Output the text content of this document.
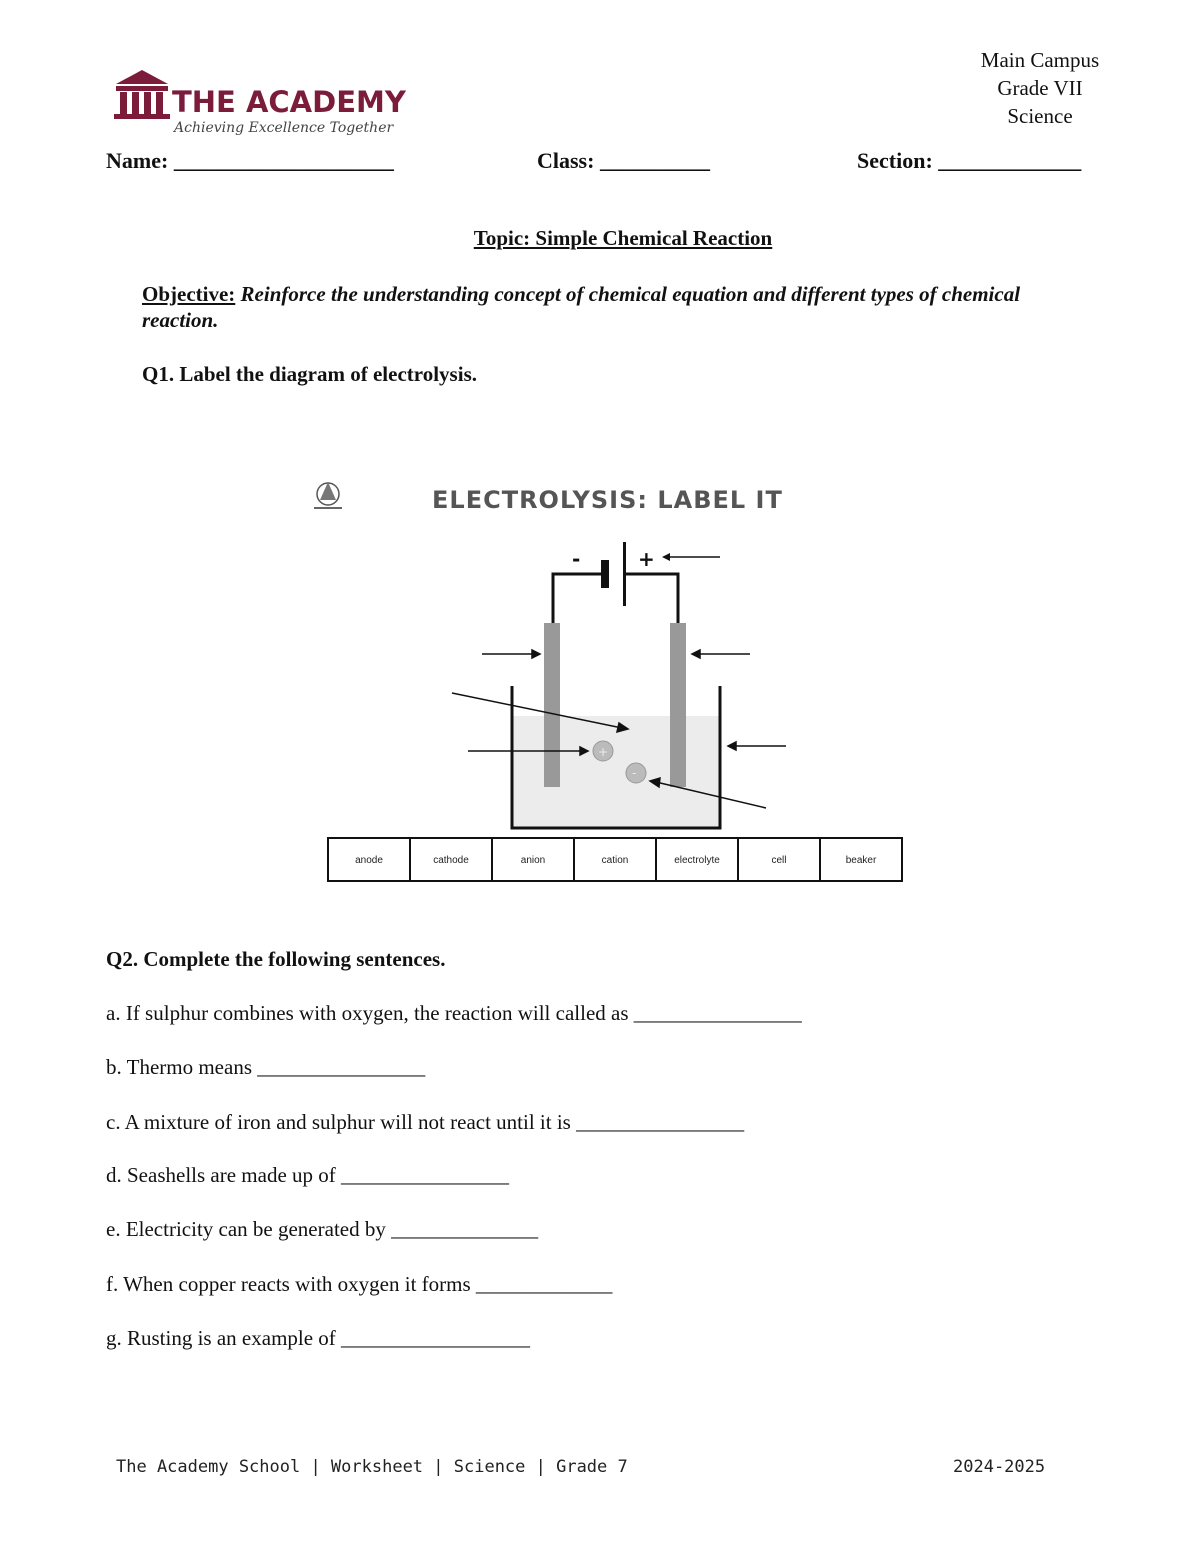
Main Campus
Grade VII
Science
THE ACADEMY
Achieving Excellence Together
Name: ____________________	Class: __________	Section: _____________
Topic: Simple Chemical Reaction
Objective: Reinforce the understanding concept of chemical equation and different types of chemical reaction.
Q1. Label the diagram of electrolysis.
ELECTROLYSIS: LABEL IT
-	+
+
-
anode	cathode	anion	cation	electrolyte	cell	beaker
Q2. Complete the following sentences.
a. If sulphur combines with oxygen, the reaction will called as ________________
b. Thermo means ________________
c. A mixture of iron and sulphur will not react until it is ________________
d. Seashells are made up of ________________
e. Electricity can be generated by ______________
f. When copper reacts with oxygen it forms _____________
g. Rusting is an example of __________________
The Academy School | Worksheet | Science | Grade 7	2024-2025
